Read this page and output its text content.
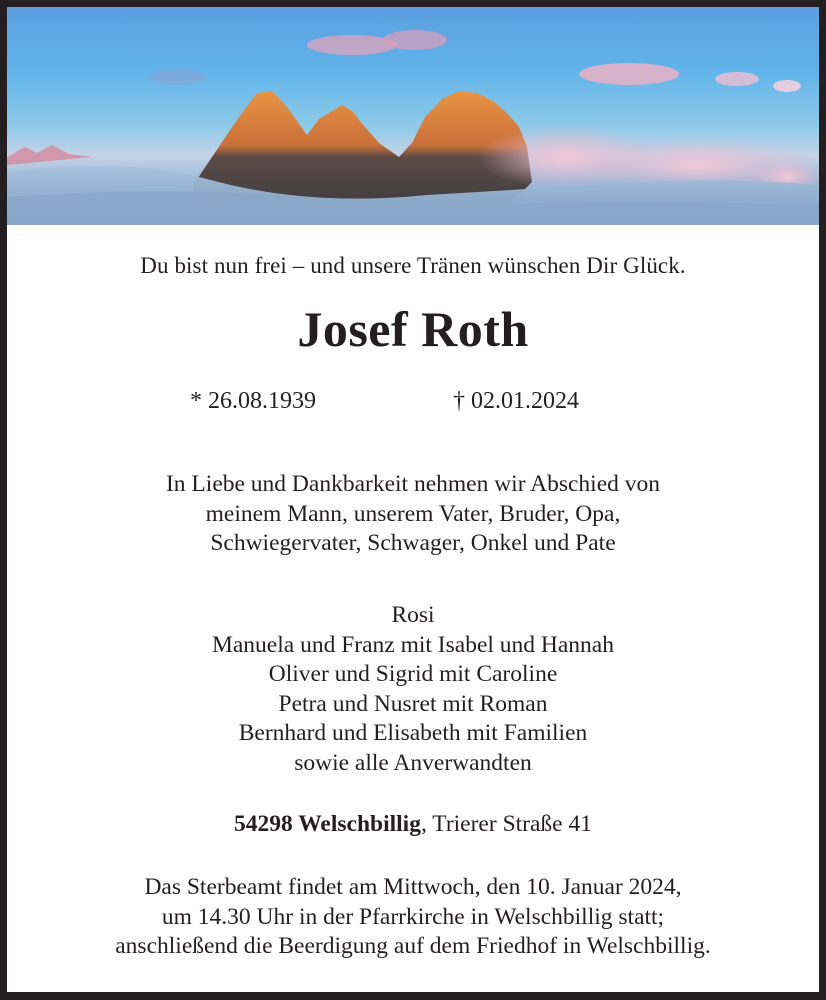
Du bist nun frei – und unsere Tränen wünschen Dir Glück.
Josef Roth
* 26.08.1939	† 02.01.2024
In Liebe und Dankbarkeit nehmen wir Abschied von
meinem Mann, unserem Vater, Bruder, Opa,
Schwiegervater, Schwager, Onkel und Pate
Rosi
Manuela und Franz mit Isabel und Hannah
Oliver und Sigrid mit Caroline
Petra und Nusret mit Roman
Bernhard und Elisabeth mit Familien
sowie alle Anverwandten
54298 Welschbillig, Trierer Straße 41
Das Sterbeamt findet am Mittwoch, den 10. Januar 2024,
um 14.30 Uhr in der Pfarrkirche in Welschbillig statt;
anschließend die Beerdigung auf dem Friedhof in Welschbillig.
